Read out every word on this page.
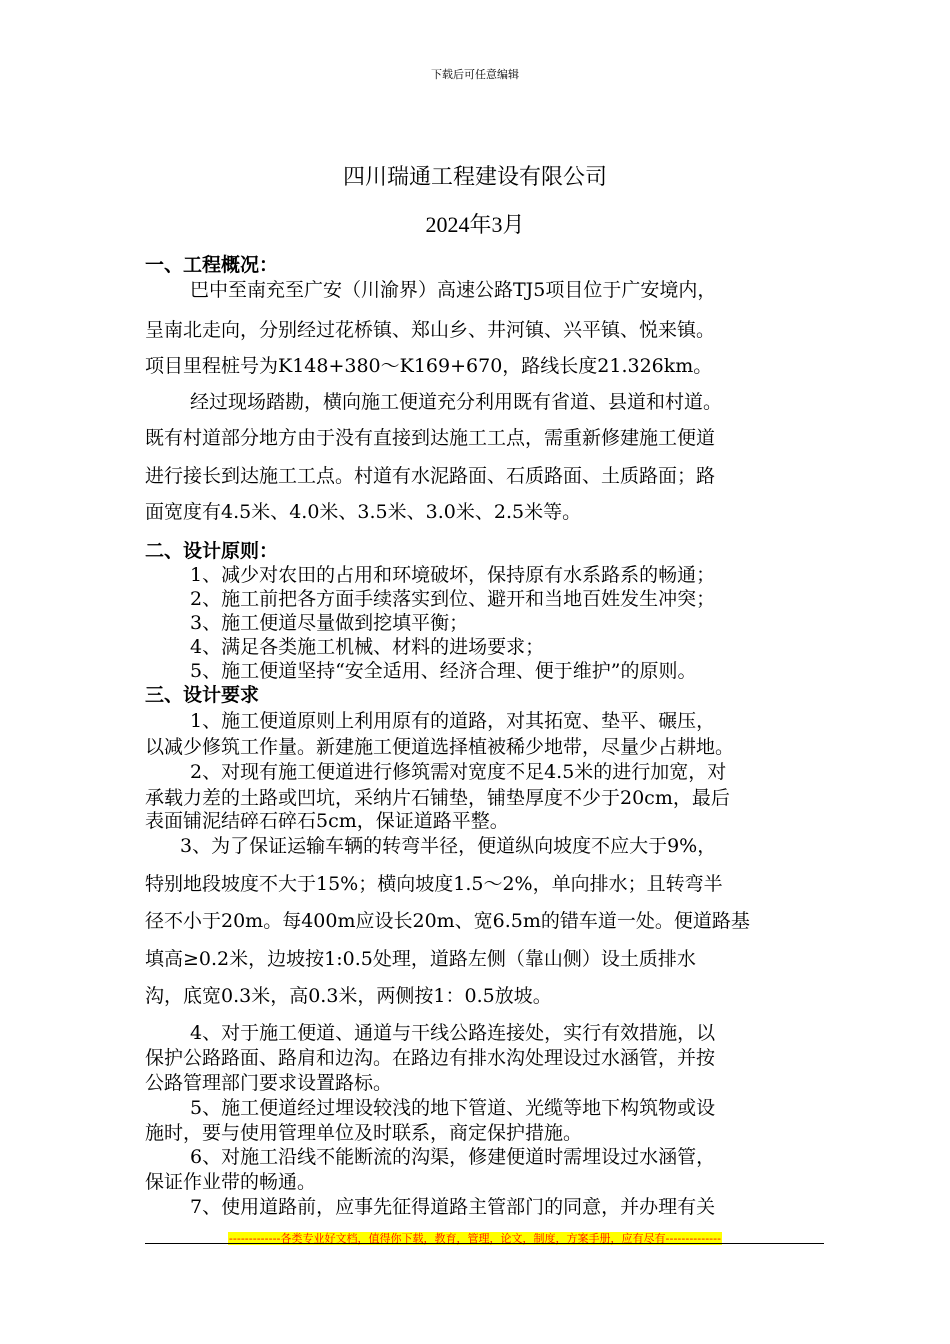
下载后可任意编辑
四川瑞通工程建设有限公司
2024年3月
一、工程概况：
巴中至南充至广安（川渝界）高速公路TJ5项目位于广安境内，
呈南北走向，分别经过花桥镇、郑山乡、井河镇、兴平镇、悦来镇。
项目里程桩号为K148+380～K169+670，路线长度21.326km。
经过现场踏勘，横向施工便道充分利用既有省道、县道和村道。
既有村道部分地方由于没有直接到达施工工点，需重新修建施工便道
进行接长到达施工工点。村道有水泥路面、石质路面、土质路面；路
面宽度有4.5米、4.0米、3.5米、3.0米、2.5米等。
二、设计原则：
1、减少对农田的占用和环境破坏，保持原有水系路系的畅通；
2、施工前把各方面手续落实到位、避开和当地百姓发生冲突；
3、施工便道尽量做到挖填平衡；
4、满足各类施工机械、材料的进场要求；
5、施工便道坚持“安全适用、经济合理、便于维护”的原则。
三、设计要求
1、施工便道原则上利用原有的道路，对其拓宽、垫平、碾压，
以减少修筑工作量。新建施工便道选择植被稀少地带，尽量少占耕地。
2、对现有施工便道进行修筑需对宽度不足4.5米的进行加宽，对
承载力差的土路或凹坑，采纳片石铺垫，铺垫厚度不少于20cm，最后
表面铺泥结碎石碎石5cm，保证道路平整。
3、为了保证运输车辆的转弯半径，便道纵向坡度不应大于9%，
特别地段坡度不大于15%；横向坡度1.5～2%，单向排水；且转弯半
径不小于20m。每400m应设长20m、宽6.5m的错车道一处。便道路基
填高≥0.2米，边坡按1:0.5处理，道路左侧（靠山侧）设土质排水
沟，底宽0.3米，高0.3米，两侧按1：0.5放坡。
4、对于施工便道、通道与干线公路连接处，实行有效措施，以
保护公路路面、路肩和边沟。在路边有排水沟处理设过水涵管，并按
公路管理部门要求设置路标。
5、施工便道经过埋设较浅的地下管道、光缆等地下构筑物或设
施时，要与使用管理单位及时联系，商定保护措施。
6、对施工沿线不能断流的沟渠，修建便道时需埋设过水涵管，
保证作业带的畅通。
7、使用道路前，应事先征得道路主管部门的同意，并办理有关
-------------各类专业好文档，值得你下载，教育，管理，论文，制度，方案手册，应有尽有--------------
